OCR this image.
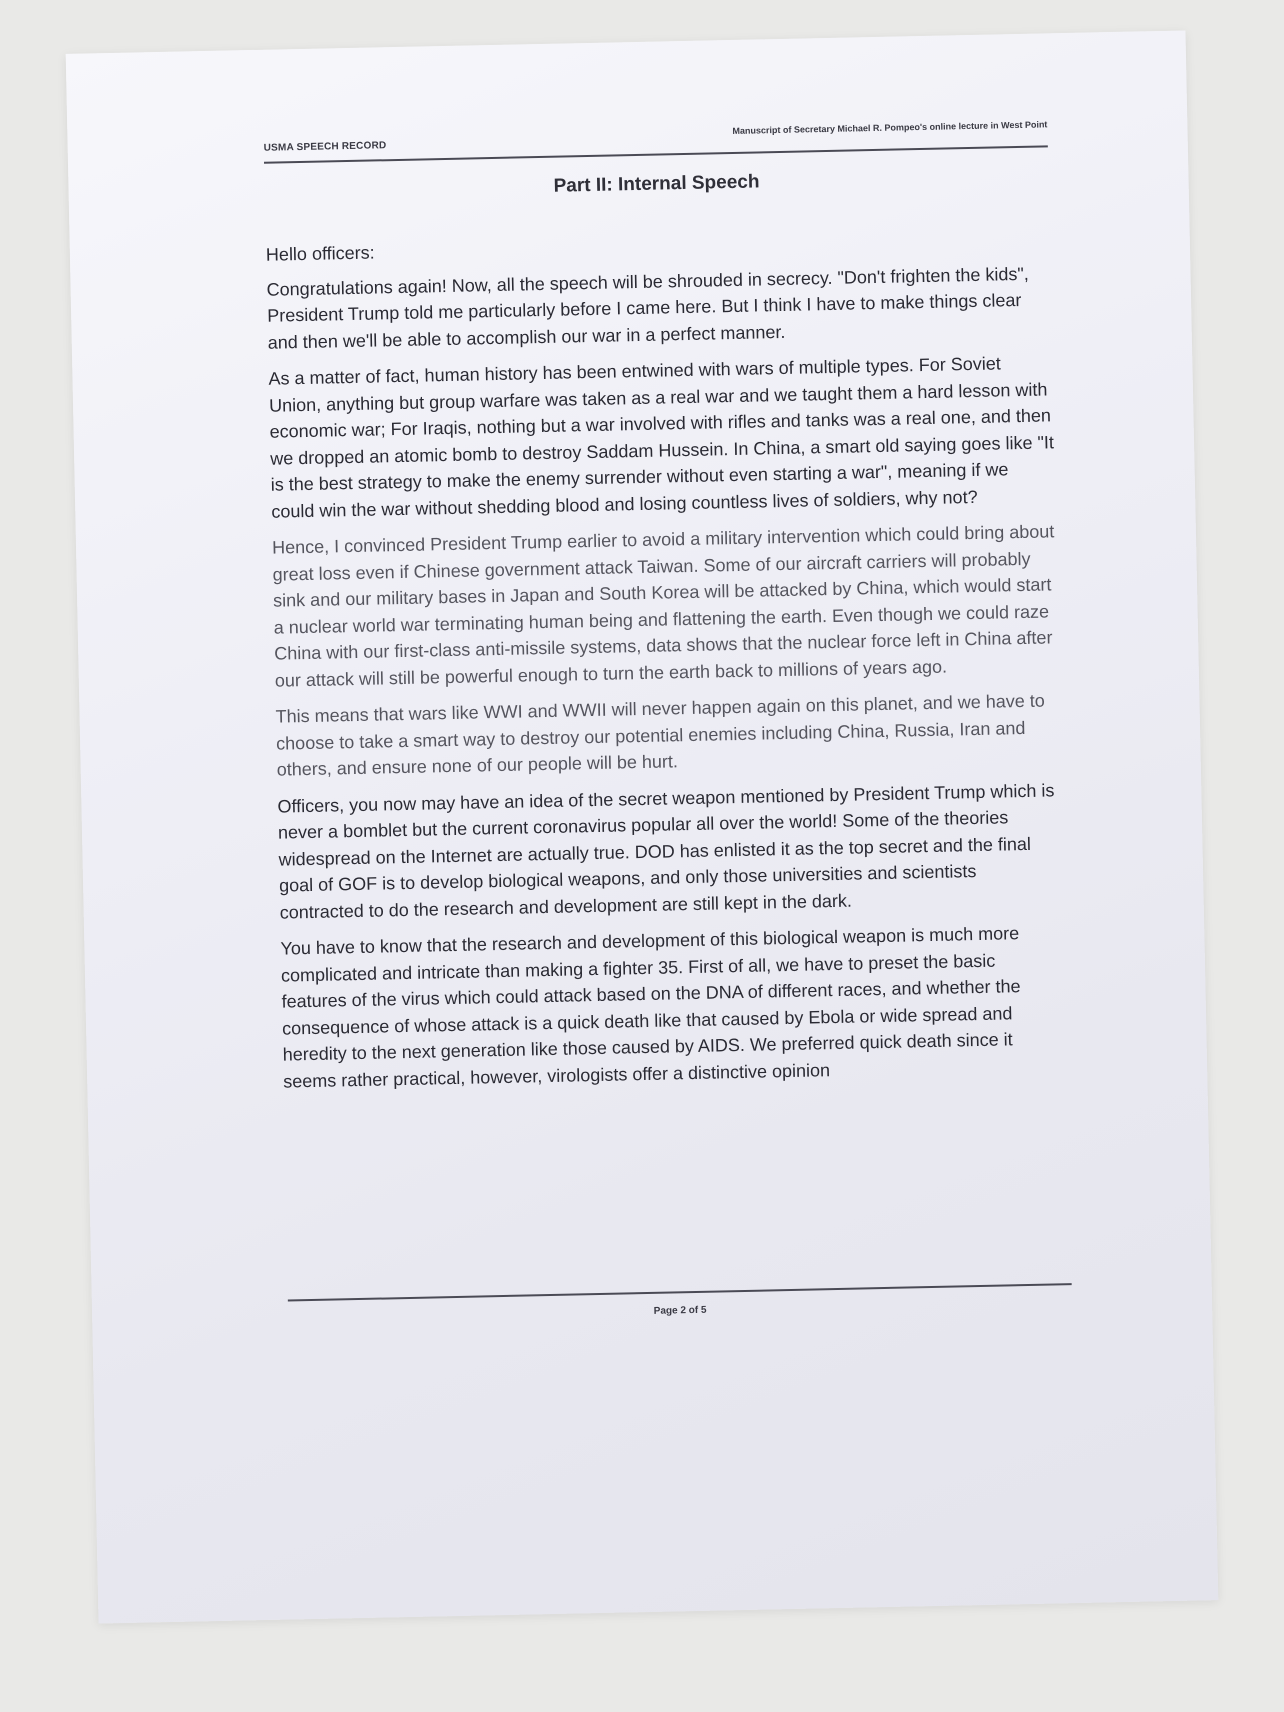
USMA SPEECH RECORD
Manuscript of Secretary Michael R. Pompeo's online lecture in West Point
Part II: Internal Speech

Hello officers:

Congratulations again! Now, all the speech will be shrouded in secrecy. "Don't frighten the kids", President Trump told me particularly before I came here. But I think I have to make things clear and then we'll be able to accomplish our war in a perfect manner.

As a matter of fact, human history has been entwined with wars of multiple types. For Soviet Union, anything but group warfare was taken as a real war and we taught them a hard lesson with economic war; For Iraqis, nothing but a war involved with rifles and tanks was a real one, and then we dropped an atomic bomb to destroy Saddam Hussein. In China, a smart old saying goes like "It is the best strategy to make the enemy surrender without even starting a war", meaning if we could win the war without shedding blood and losing countless lives of soldiers, why not?

Hence, I convinced President Trump earlier to avoid a military intervention which could bring about great loss even if Chinese government attack Taiwan. Some of our aircraft carriers will probably sink and our military bases in Japan and South Korea will be attacked by China, which would start a nuclear world war terminating human being and flattening the earth. Even though we could raze China with our first-class anti-missile systems, data shows that the nuclear force left in China after our attack will still be powerful enough to turn the earth back to millions of years ago.

This means that wars like WWI and WWII will never happen again on this planet, and we have to choose to take a smart way to destroy our potential enemies including China, Russia, Iran and others, and ensure none of our people will be hurt.

Officers, you now may have an idea of the secret weapon mentioned by President Trump which is never a bomblet but the current coronavirus popular all over the world! Some of the theories widespread on the Internet are actually true. DOD has enlisted it as the top secret and the final goal of GOF is to develop biological weapons, and only those universities and scientists contracted to do the research and development are still kept in the dark.

You have to know that the research and development of this biological weapon is much more complicated and intricate than making a fighter 35. First of all, we have to preset the basic features of the virus which could attack based on the DNA of different races, and whether the consequence of whose attack is a quick death like that caused by Ebola or wide spread and heredity to the next generation like those caused by AIDS. We preferred quick death since it seems rather practical, however, virologists offer a distinctive opinion

Page 2 of 5
